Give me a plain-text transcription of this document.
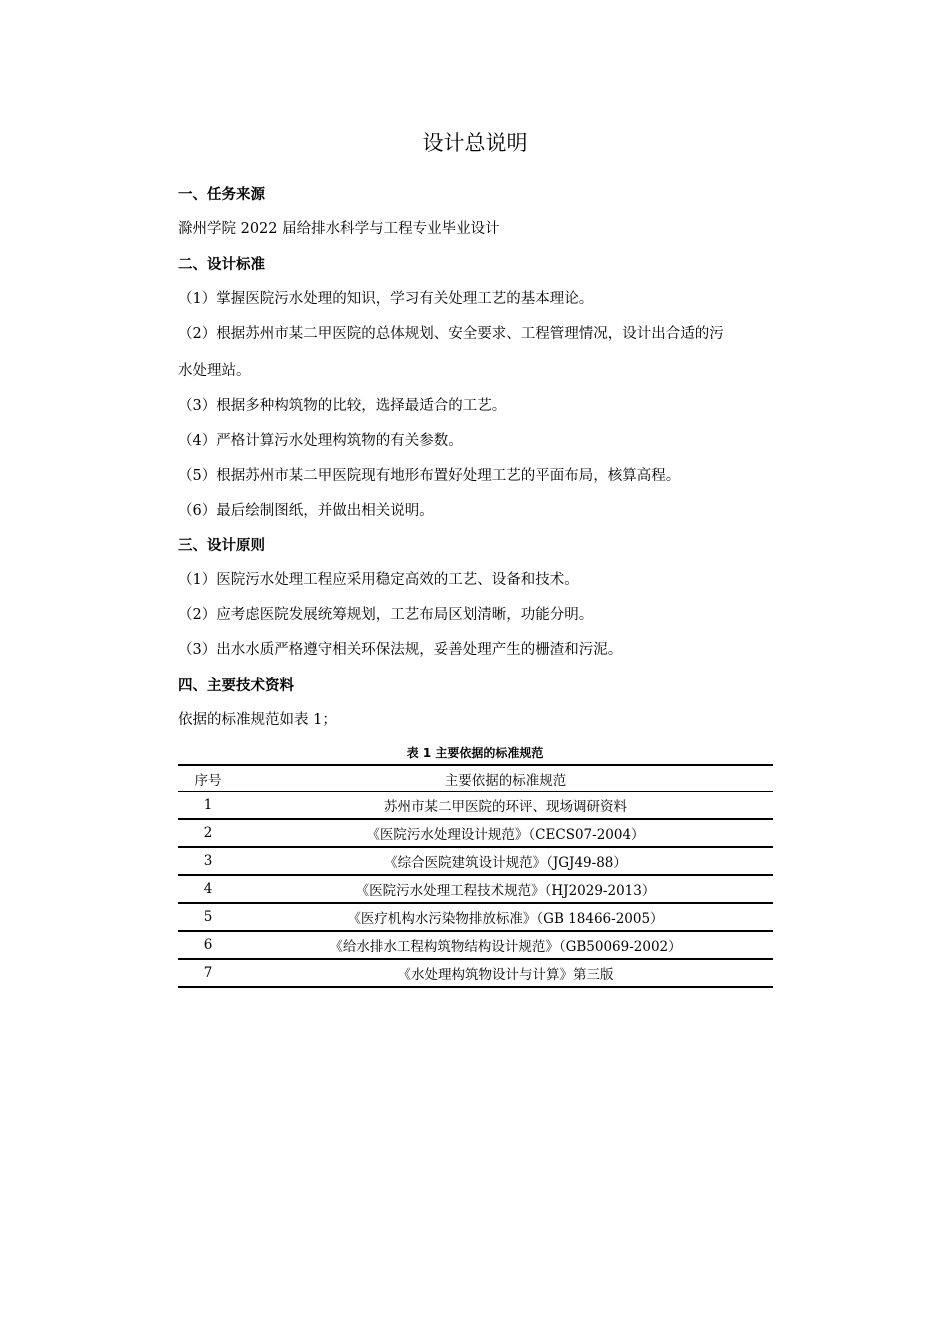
设计总说明
一、任务来源
滁州学院 2022 届给排水科学与工程专业毕业设计
二、设计标准
（1）掌握医院污水处理的知识，学习有关处理工艺的基本理论。
（2）根据苏州市某二甲医院的总体规划、安全要求、工程管理情况，设计出合适的污
水处理站。
（3）根据多种构筑物的比较，选择最适合的工艺。
（4）严格计算污水处理构筑物的有关参数。
（5）根据苏州市某二甲医院现有地形布置好处理工艺的平面布局，核算高程。
（6）最后绘制图纸，并做出相关说明。
三、设计原则
（1）医院污水处理工程应采用稳定高效的工艺、设备和技术。
（2）应考虑医院发展统筹规划，工艺布局区划清晰，功能分明。
（3）出水水质严格遵守相关环保法规，妥善处理产生的栅渣和污泥。
四、主要技术资料
依据的标准规范如表 1；
表 1 主要依据的标准规范
序号	主要依据的标准规范
1	苏州市某二甲医院的环评、现场调研资料
2	《医院污水处理设计规范》（CECS07-2004）
3	《综合医院建筑设计规范》（JGJ49-88）
4	《医院污水处理工程技术规范》（HJ2029-2013）
5	《医疗机构水污染物排放标准》（GB 18466-2005）
6	《给水排水工程构筑物结构设计规范》（GB50069-2002）
7	《水处理构筑物设计与计算》第三版
